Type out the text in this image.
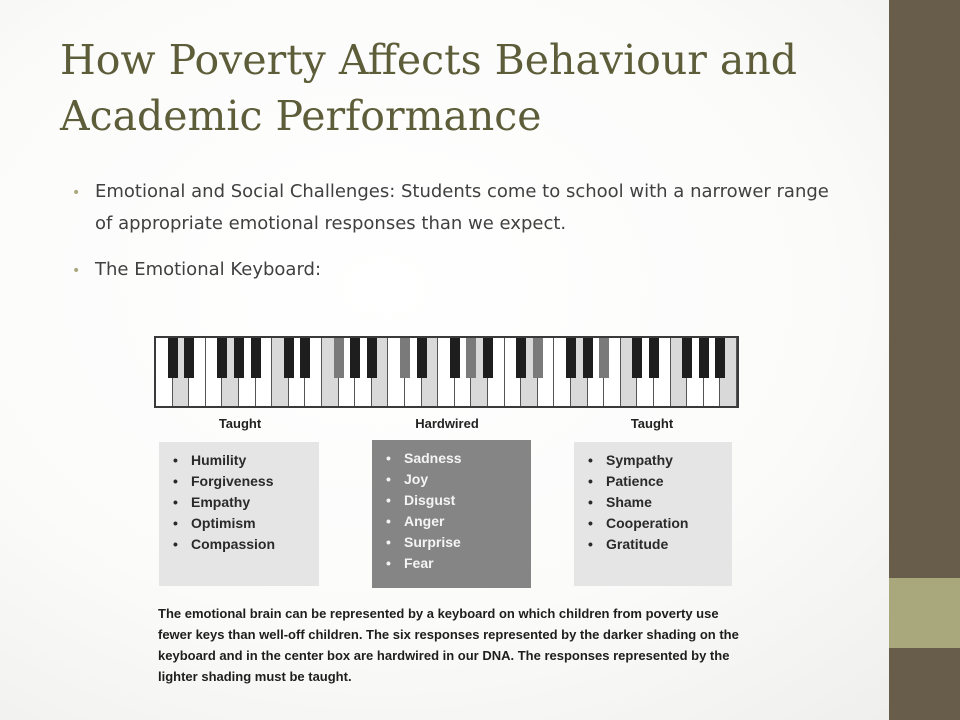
How Poverty Affects Behaviour and Academic Performance
• Emotional and Social Challenges: Students come to school with a narrower range of appropriate emotional responses than we expect.
• The Emotional Keyboard:
Taught	Hardwired	Taught
• Humility
• Forgiveness
• Empathy
• Optimism
• Compassion
• Sadness
• Joy
• Disgust
• Anger
• Surprise
• Fear
• Sympathy
• Patience
• Shame
• Cooperation
• Gratitude

The emotional brain can be represented by a keyboard on which children from poverty use fewer keys than well-off children. The six responses represented by the darker shading on the keyboard and in the center box are hardwired in our DNA. The responses represented by the lighter shading must be taught.
